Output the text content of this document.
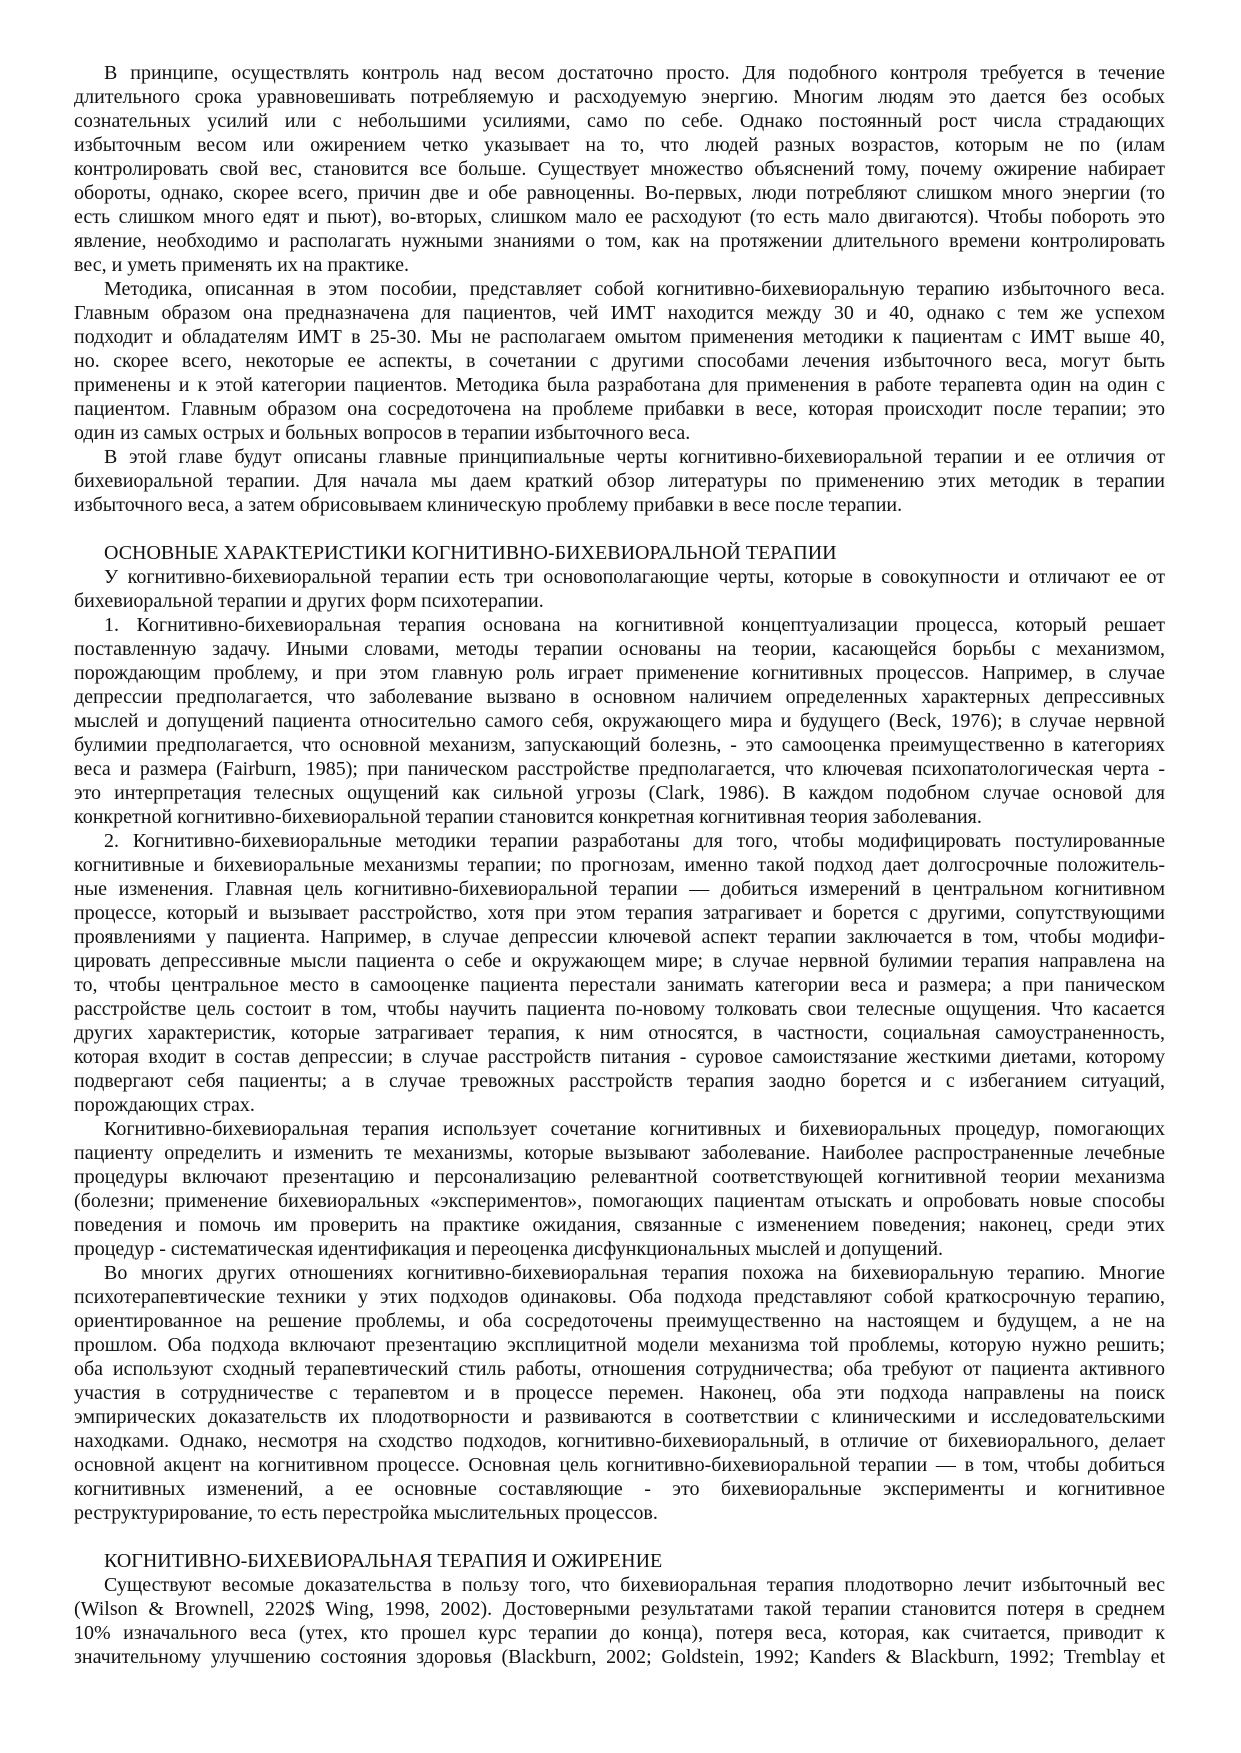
В принципе, осуществлять контроль над весом достаточно просто. Для подобного контроля требуется в течение
длительного срока уравновешивать потребляемую и расходуемую энергию. Многим людям это дается без особых
сознательных усилий или с небольшими усилиями, само по себе. Однако постоянный рост числа страдающих
избыточным весом или ожирением четко указывает на то, что людей разных возрастов, которым не по (илам
контролировать свой вес, становится все больше. Существует множество объяснений тому, почему ожирение набирает
обороты, однако, скорее всего, причин две и обе равноценны. Во-первых, люди потребляют слишком много энергии (то
есть слишком много едят и пьют), во-вторых, слишком мало ее расходуют (то есть мало двигаются). Чтобы побороть это
явление, необходимо и располагать нужными знаниями о том, как на протяжении длительного времени контролировать
вес, и уметь применять их на практике.
Методика, описанная в этом пособии, представляет собой когнитивно-бихевиоральную терапию избыточного веса.
Главным образом она предназначена для пациентов, чей ИМТ находится между 30 и 40, однако с тем же успехом
подходит и обладателям ИМТ в 25-30. Мы не располагаем омытом применения методики к пациентам с ИМТ выше 40,
но. скорее всего, некоторые ее аспекты, в сочетании с другими способами лечения избыточного веса, могут быть
применены и к этой категории пациентов. Методика была разработана для применения в работе терапевта один на один с
пациентом. Главным образом она сосредоточена на проблеме прибавки в весе, которая происходит после терапии; это
один из самых острых и больных вопросов в терапии избыточного веса.
В этой главе будут описаны главные принципиальные черты когнитивно-бихевиоральной терапии и ее отличия от
бихевиоральной терапии. Для начала мы даем краткий обзор литературы по применению этих методик в терапии
избыточного веса, а затем обрисовываем клиническую проблему прибавки в весе после терапии.
ОСНОВНЫЕ ХАРАКТЕРИСТИКИ КОГНИТИВНО-БИХЕВИОРАЛЬНОЙ ТЕРАПИИ
У когнитивно-бихевиоральной терапии есть три основополагающие черты, которые в совокупности и отличают ее от
бихевиоральной терапии и других форм психотерапии.
1. Когнитивно-бихевиоральная терапия основана на когнитивной концептуализации процесса, который решает
поставленную задачу. Иными словами, методы терапии основаны на теории, касающейся борьбы с механизмом,
порождающим проблему, и при этом главную роль играет применение когнитивных процессов. Например, в случае
депрессии предполагается, что заболевание вызвано в основном наличием определенных характерных депрессивных
мыслей и допущений пациента относительно самого себя, окружающего мира и будущего (Beck, 1976); в случае нервной
булимии предполагается, что основной механизм, запускающий болезнь, - это самооценка преимущественно в категориях
веса и размера (Fairburn, 1985); при паническом расстройстве предполагается, что ключевая психопатологическая черта -
это интерпретация телесных ощущений как сильной угрозы (Clark, 1986). В каждом подобном случае основой для
конкретной когнитивно-бихевиоральной терапии становится конкретная когнитивная теория заболевания.
2. Когнитивно-бихевиоральные методики терапии разработаны для того, чтобы модифицировать постулированные
когнитивные и бихевиоральные механизмы терапии; по прогнозам, именно такой подход дает долгосрочные положитель-
ные изменения. Главная цель когнитивно-бихевиоральной терапии — добиться измерений в центральном когнитивном
процессе, который и вызывает расстройство, хотя при этом терапия затрагивает и борется с другими, сопутствующими
проявлениями у пациента. Например, в случае депрессии ключевой аспект терапии заключается в том, чтобы модифи-
цировать депрессивные мысли пациента о себе и окружающем мире; в случае нервной булимии терапия направлена на
то, чтобы центральное место в самооценке пациента перестали занимать категории веса и размера; а при паническом
расстройстве цель состоит в том, чтобы научить пациента по-новому толковать свои телесные ощущения. Что касается
других характеристик, которые затрагивает терапия, к ним относятся, в частности, социальная самоустраненность,
которая входит в состав депрессии; в случае расстройств питания - суровое самоистязание жесткими диетами, которому
подвергают себя пациенты; а в случае тревожных расстройств терапия заодно борется и с избеганием ситуаций,
порождающих страх.
Когнитивно-бихевиоральная терапия использует сочетание когнитивных и бихевиоральных процедур, помогающих
пациенту определить и изменить те механизмы, которые вызывают заболевание. Наиболее распространенные лечебные
процедуры включают презентацию и персонализацию релевантной соответствующей когнитивной теории механизма
(болезни; применение бихевиоральных «экспериментов», помогающих пациентам отыскать и опробовать новые способы
поведения и помочь им проверить на практике ожидания, связанные с изменением поведения; наконец, среди этих
процедур - систематическая идентификация и переоценка дисфункциональных мыслей и допущений.
Во многих других отношениях когнитивно-бихевиоральная терапия похожа на бихевиоральную терапию. Многие
психотерапевтические техники у этих подходов одинаковы. Оба подхода представляют собой краткосрочную терапию,
ориентированное на решение проблемы, и оба сосредоточены преимущественно на настоящем и будущем, а не на
прошлом. Оба подхода включают презентацию эксплицитной модели механизма той проблемы, которую нужно решить;
оба используют сходный терапевтический стиль работы, отношения сотрудничества; оба требуют от пациента активного
участия в сотрудничестве с терапевтом и в процессе перемен. Наконец, оба эти подхода направлены на поиск
эмпирических доказательств их плодотворности и развиваются в соответствии с клиническими и исследовательскими
находками. Однако, несмотря на сходство подходов, когнитивно-бихевиоральный, в отличие от бихевиорального, делает
основной акцент на когнитивном процессе. Основная цель когнитивно-бихевиоральной терапии — в том, чтобы добиться
когнитивных изменений, а ее основные составляющие - это бихевиоральные эксперименты и когнитивное
реструктурирование, то есть перестройка мыслительных процессов.
КОГНИТИВНО-БИХЕВИОРАЛЬНАЯ ТЕРАПИЯ И ОЖИРЕНИЕ
Существуют весомые доказательства в пользу того, что бихевиоральная терапия плодотворно лечит избыточный вес
(Wilson & Brownell, 2202$ Wing, 1998, 2002). Достоверными результатами такой терапии становится потеря в среднем
10% изначального веса (утех, кто прошел курс терапии до конца), потеря веса, которая, как считается, приводит к
значительному улучшению состояния здоровья (Blackburn, 2002; Goldstein, 1992; Kanders & Blackburn, 1992; Tremblay et
